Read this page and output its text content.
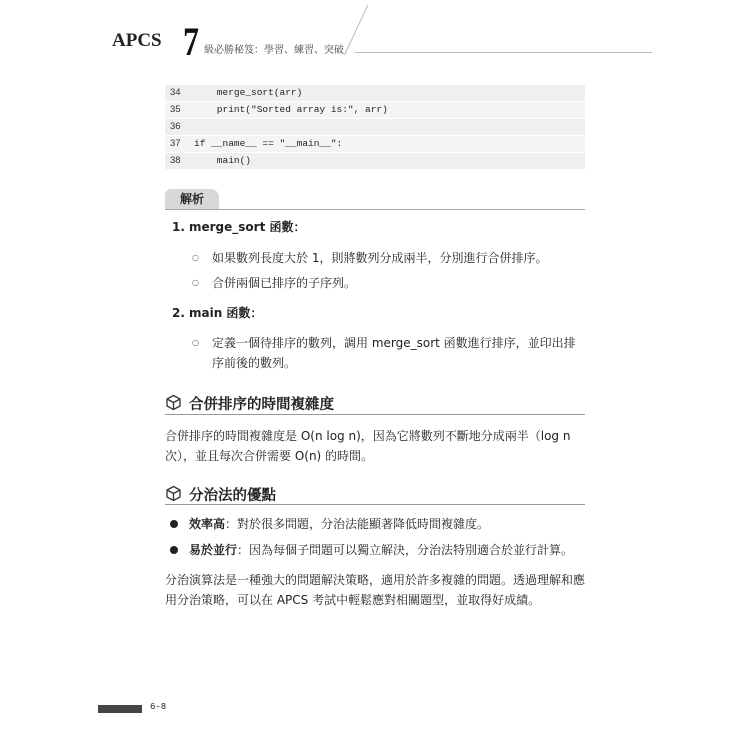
APCS 7 級必勝秘笈：學習、練習、突破
34	merge_sort(arr)
35	print("Sorted array is:", arr)
36
37	if __name__ == "__main__":
38	main()
解析
1. merge_sort 函數：
○ 如果數列長度大於 1，則將數列分成兩半，分別進行合併排序。
○ 合併兩個已排序的子序列。
2. main 函數：
○ 定義一個待排序的數列，調用 merge_sort 函數進行排序，並印出排序前後的數列。
合併排序的時間複雜度
合併排序的時間複雜度是 O(n log n)，因為它將數列不斷地分成兩半（log n 次），並且每次合併需要 O(n) 的時間。
分治法的優點
效率高：對於很多問題，分治法能顯著降低時間複雜度。
易於並行：因為每個子問題可以獨立解決，分治法特別適合於並行計算。
分治演算法是一種強大的問題解決策略，適用於許多複雜的問題。透過理解和應用分治策略，可以在 APCS 考試中輕鬆應對相關題型，並取得好成績。
6-8
